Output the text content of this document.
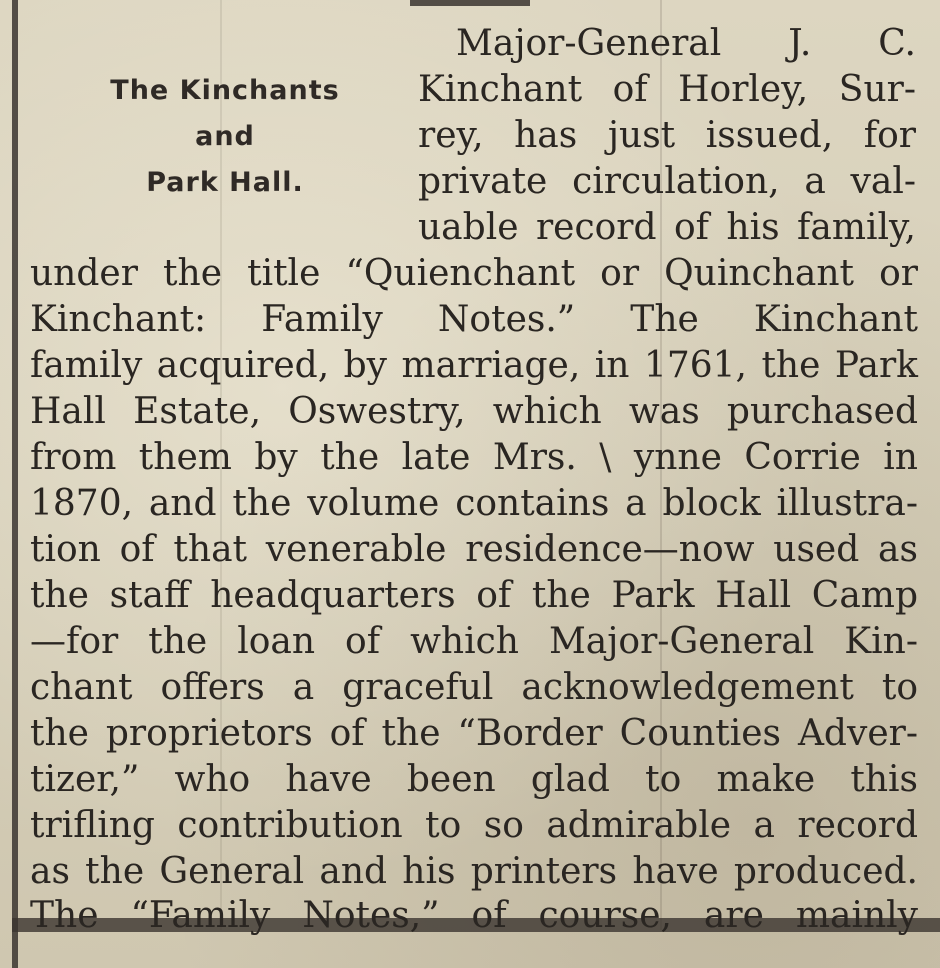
The Kinchants
and
Park Hall.
Major-General J. C.
Kinchant of Horley, Sur-
rey, has just issued, for
private circulation, a val-
uable record of his family,
under the title “Quienchant or Quinchant or
Kinchant: Family Notes.” The Kinchant
family acquired, by marriage, in 1761, the Park
Hall Estate, Oswestry, which was purchased
from them by the late Mrs. \ ynne Corrie in
1870, and the volume contains a block illustra-
tion of that venerable residence—now used as
the staff headquarters of the Park Hall Camp
—for the loan of which Major-General Kin-
chant offers a graceful acknowledgement to
the proprietors of the “Border Counties Adver-
tizer,” who have been glad to make this
trifling contribution to so admirable a record
as the General and his printers have produced.
The “Family Notes,” of course, are mainly
